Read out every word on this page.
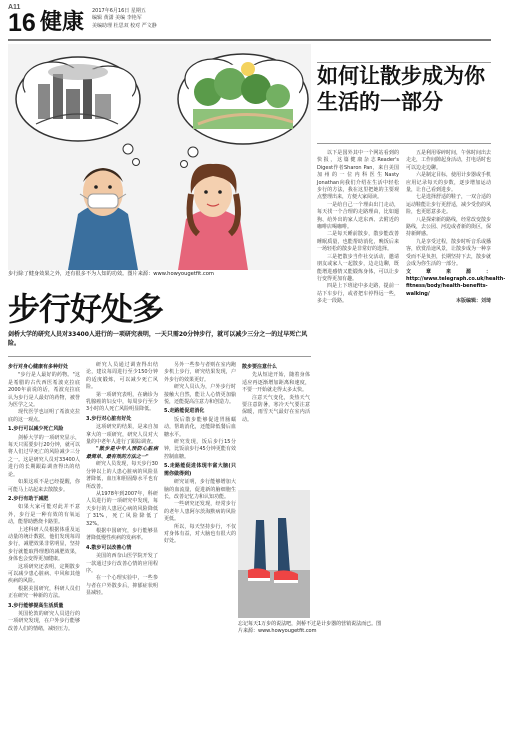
A11
16 健康 2017年6月16日 星期五
编辑 黄潇 美编 李艳军
美编助理 杜思双 校对 严文静
步行除了健身效果之外，还有很多不为人知的功效。图片来源：www.howyougetfit.com
如何让散步成为你生活的一部分
以下是国外其中一个网站看到的快报，这篇健康杂志Reader's Digest作者Sharon Pan，来自美国加州的一位内科医生Nasty Jonathan向我们介绍在生活中轻松步行的方法，我在这里把她的主要观点整理出来，方便大家阅读。
一是给自己一个理由出门走动，每天找一个合理的走路理由，比如遛狗、给外出的家人送东西、去附近的咖啡店喝咖啡。
二是每天睡前散步，散步能改善睡眠质量，也能帮助消化，晚饭后来一场轻松的散步是非常好的选择。
三是把散步当作社交活动，邀请朋友或家人一起散步，边走边聊，既能增进感情又能锻炼身体，可以让步行变得更加有趣。
四是上下班途中多走路，提前一站下车步行，或者把车停得远一些，多走一段路。
五是利用零碎时间，午休时间出去走走，工作间隙起身活动，打电话时也可以边走边聊。
六是制定目标，使用计步器或手机应用记录每天的步数，逐步增加运动量，让自己看到进步。
七是选择舒适的鞋子，一双合适的运动鞋能让步行更舒适，减少受伤的风险，也更愿意多走。
八是探索新的路线，经常改变散步路线，去公园、河边或者新的街区，保持新鲜感。
九是享受过程，散步时听音乐或播客，欣赏沿途风景，让散步成为一种享受而不是负担，长期坚持下去，散步就会成为你生活的一部分。
文章来源：http://www.telegraph.co.uk/health-fitness/body/health-benefits-walking/
本版编辑：刘琦
步行好处多
剑桥大学的研究人员对33400人进行的一项研究表明，一天只需20分钟步行，就可以减少三分之一的过早死亡风险。
步行对身心健康有多种好处
"步行是人最好的药物。"这是希腊的古代西医希波克拉底2000年前说的话，希波克拉底认为步行是人最好的药物，被誉为医学之父。
现代医学也证明了希波克拉底的这一观点。
1.步行可以减少死亡风险
剑桥大学的一项研究显示，每天只需要步行20分钟，就可以将人们过早死亡的风险减少三分之一。这是研究人员对33400人进行的长期跟踪调查得出的结论。
如果这项不是已经提醒，你可能马上站起来去散散步。
2.步行有助于减肥
如果大家可能对此并不意外，步行是一种有效的有氧运动，能帮助燃烧卡路里。
上述科研人员根据体重及运动量的统计数据，他们发现每周步行，减肥效果非常明显，坚持步行就能取得理想的减肥效果，身体也会变得更加健康。
这项研究还表明，定期散步可以减少患心脏病、中风和其他疾病的风险。
根据美国研究，科研人员们正在研究一种新的方法。
3.步行能够提高生活质量
英国伦敦的研究人员进行的一项研究发现，在户外步行能够改善人们的情绪，减轻压力。
研究人员通过调查得出结论，建议每周进行至少150分钟的适度锻炼，可以减少死亡风险。
第一项研究表明，在确诊为乳腺癌的妇女中，每周步行至少3小时的人死亡风险明显降低。
3.步行对心脏有好处
这项研究的结果，是来自加拿大的一项研究，研究人员对大量的中老年人进行了跟踪调查。
"散步是中年人预防心脏病最简单、最有效的方法之一"
研究人员发现，每天步行30分钟以上的人患心脏病的风险显著降低，血压和胆固醇水平也有所改善。
从1978年到2007年，科研人员进行的一项研究中发现，每天步行的人患冠心病的风险降低了31%，死亡风险降低了32%。
根据中国研究，步行能够显著降低慢性疾病的发病率。
4.散步可以改善心情
美国的西奈山医学院开发了一款通过步行改善心情的应用程序。
在一个心理实验中，一些参与者在户外散步后，抑郁症状明显减轻。
另外一些参与者则在室内跑步机上步行，研究结果发现，户外步行的效果更好。
研究人员认为，户外步行时接触大自然，能让人心情更加愉悦，还能提高注意力和创造力。
5.走路能促进消化
饭后散步能够促进胃肠蠕动，帮助消化，还能降低餐后血糖水平。
研究发现，饭后步行15分钟，比饭前步行45分钟更能有效控制血糖。
5.走路能促进体现丰富大脑(只需你做得到)
研究证明，步行能够增加大脑的血流量，促进新的脑细胞生长，改善记忆力和认知功能。
一些研究还发现，经常步行的老年人患阿尔茨海默病的风险更低。
所以，每天坚持步行，不仅对身体有益，对大脑也有很大的好处。
散步要注意什么
先从短途开始，随着身体适应再逐渐增加距离和速度，不要一开始就走得太多太快。
注意天气变化，炎热天气要注意防暑，寒冷天气要注意保暖，雨雪天气最好在室内活动。
忘记每天1万步的说法吧，剑桥不过是计步器的营销说法而已。图片来源：www.howyougetfit.com
